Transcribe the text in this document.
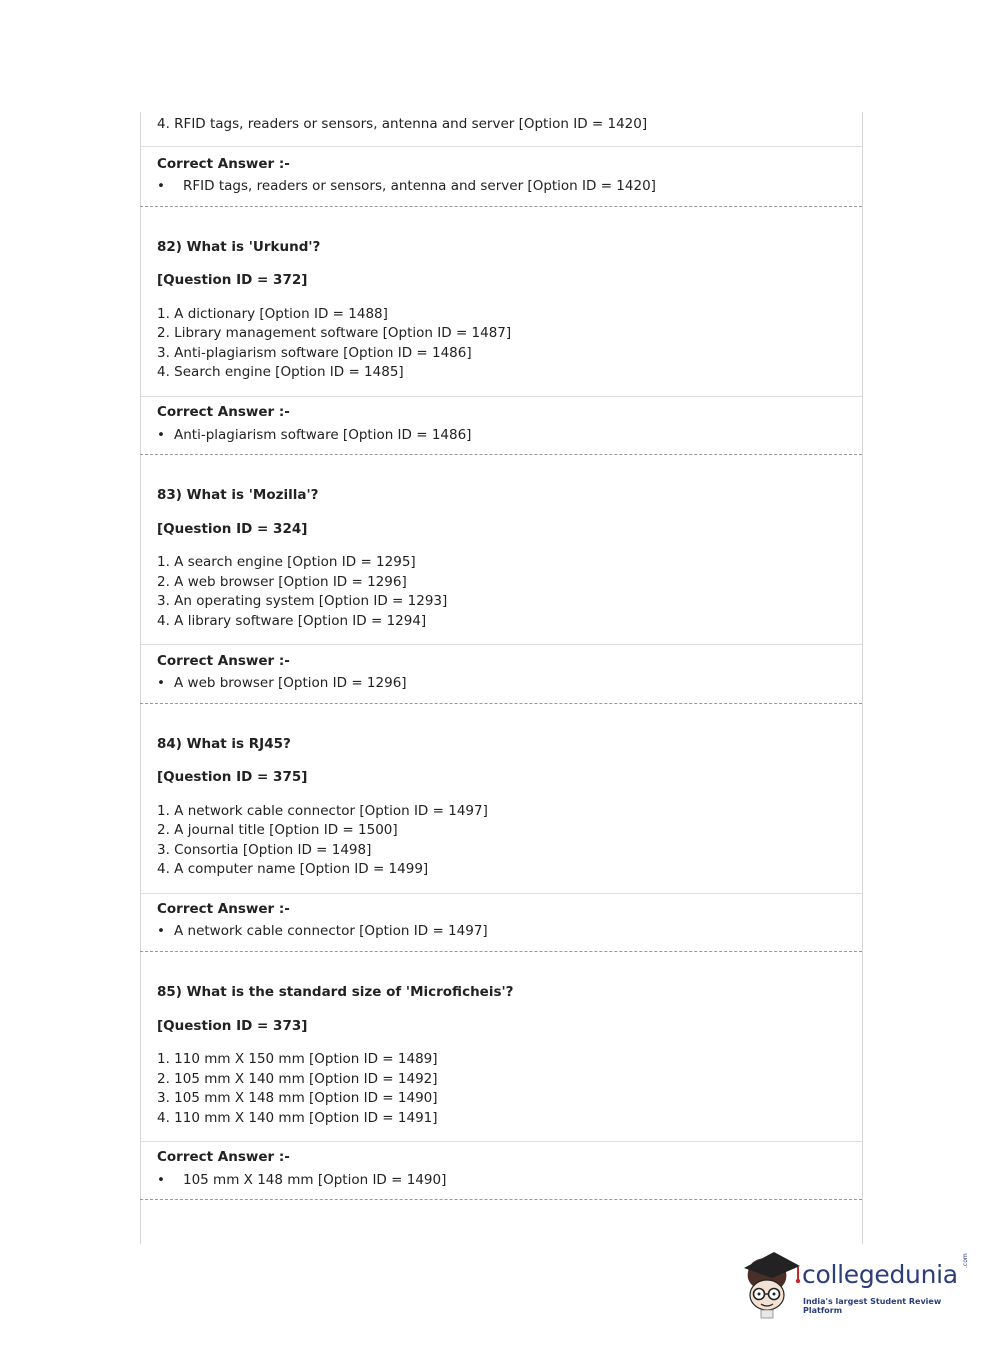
4. RFID tags, readers or sensors, antenna and server [Option ID = 1420]
Correct Answer :-
• RFID tags, readers or sensors, antenna and server [Option ID = 1420]
82) What is 'Urkund'?
[Question ID = 372]
1. A dictionary [Option ID = 1488]
2. Library management software [Option ID = 1487]
3. Anti-plagiarism software [Option ID = 1486]
4. Search engine [Option ID = 1485]
Correct Answer :-
• Anti-plagiarism software [Option ID = 1486]
83) What is 'Mozilla'?
[Question ID = 324]
1. A search engine [Option ID = 1295]
2. A web browser [Option ID = 1296]
3. An operating system [Option ID = 1293]
4. A library software [Option ID = 1294]
Correct Answer :-
• A web browser [Option ID = 1296]
84) What is RJ45?
[Question ID = 375]
1. A network cable connector [Option ID = 1497]
2. A journal title [Option ID = 1500]
3. Consortia [Option ID = 1498]
4. A computer name [Option ID = 1499]
Correct Answer :-
• A network cable connector [Option ID = 1497]
85) What is the standard size of 'Microficheis'?
[Question ID = 373]
1. 110 mm X 150 mm [Option ID = 1489]
2. 105 mm X 140 mm [Option ID = 1492]
3. 105 mm X 148 mm [Option ID = 1490]
4. 110 mm X 140 mm [Option ID = 1491]
Correct Answer :-
• 105 mm X 148 mm [Option ID = 1490]
collegedunia .com
India's largest Student Review Platform
